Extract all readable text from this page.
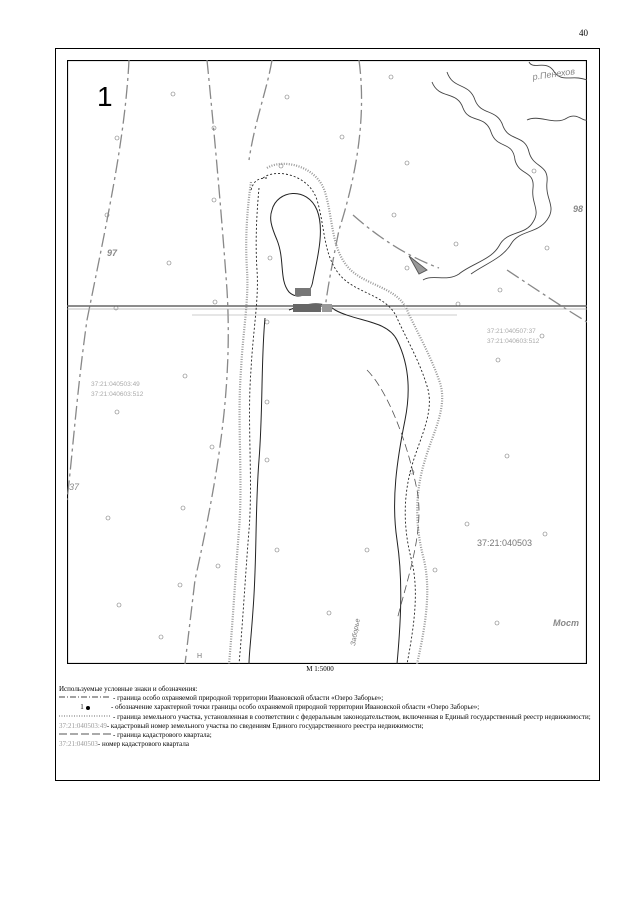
40
1
р.Пенехов
37:21:040503
37:21:040507:37
37:21:040603:512
37:21:040503:49
37:21:040603:512
97
98
37
Мост
Заборье
Н
М 1:5000
Используемые условные знаки и обозначения:
- граница особо охраняемой природной территории Ивановской области «Озеро Заборье»;
1	- обозначение характерной точки границы особо охраняемой природной территории Ивановской области «Озеро Заборье»;
- граница земельного участка, установленная в соответствии с федеральным законодательством, включенная в Единый государственный реестр недвижимости;
37:21:040503:49 - кадастровый номер земельного участка по сведениям Единого государственного реестра недвижимости;
- граница кадастрового квартала;
37:21:040503 - номер кадастрового квартала
